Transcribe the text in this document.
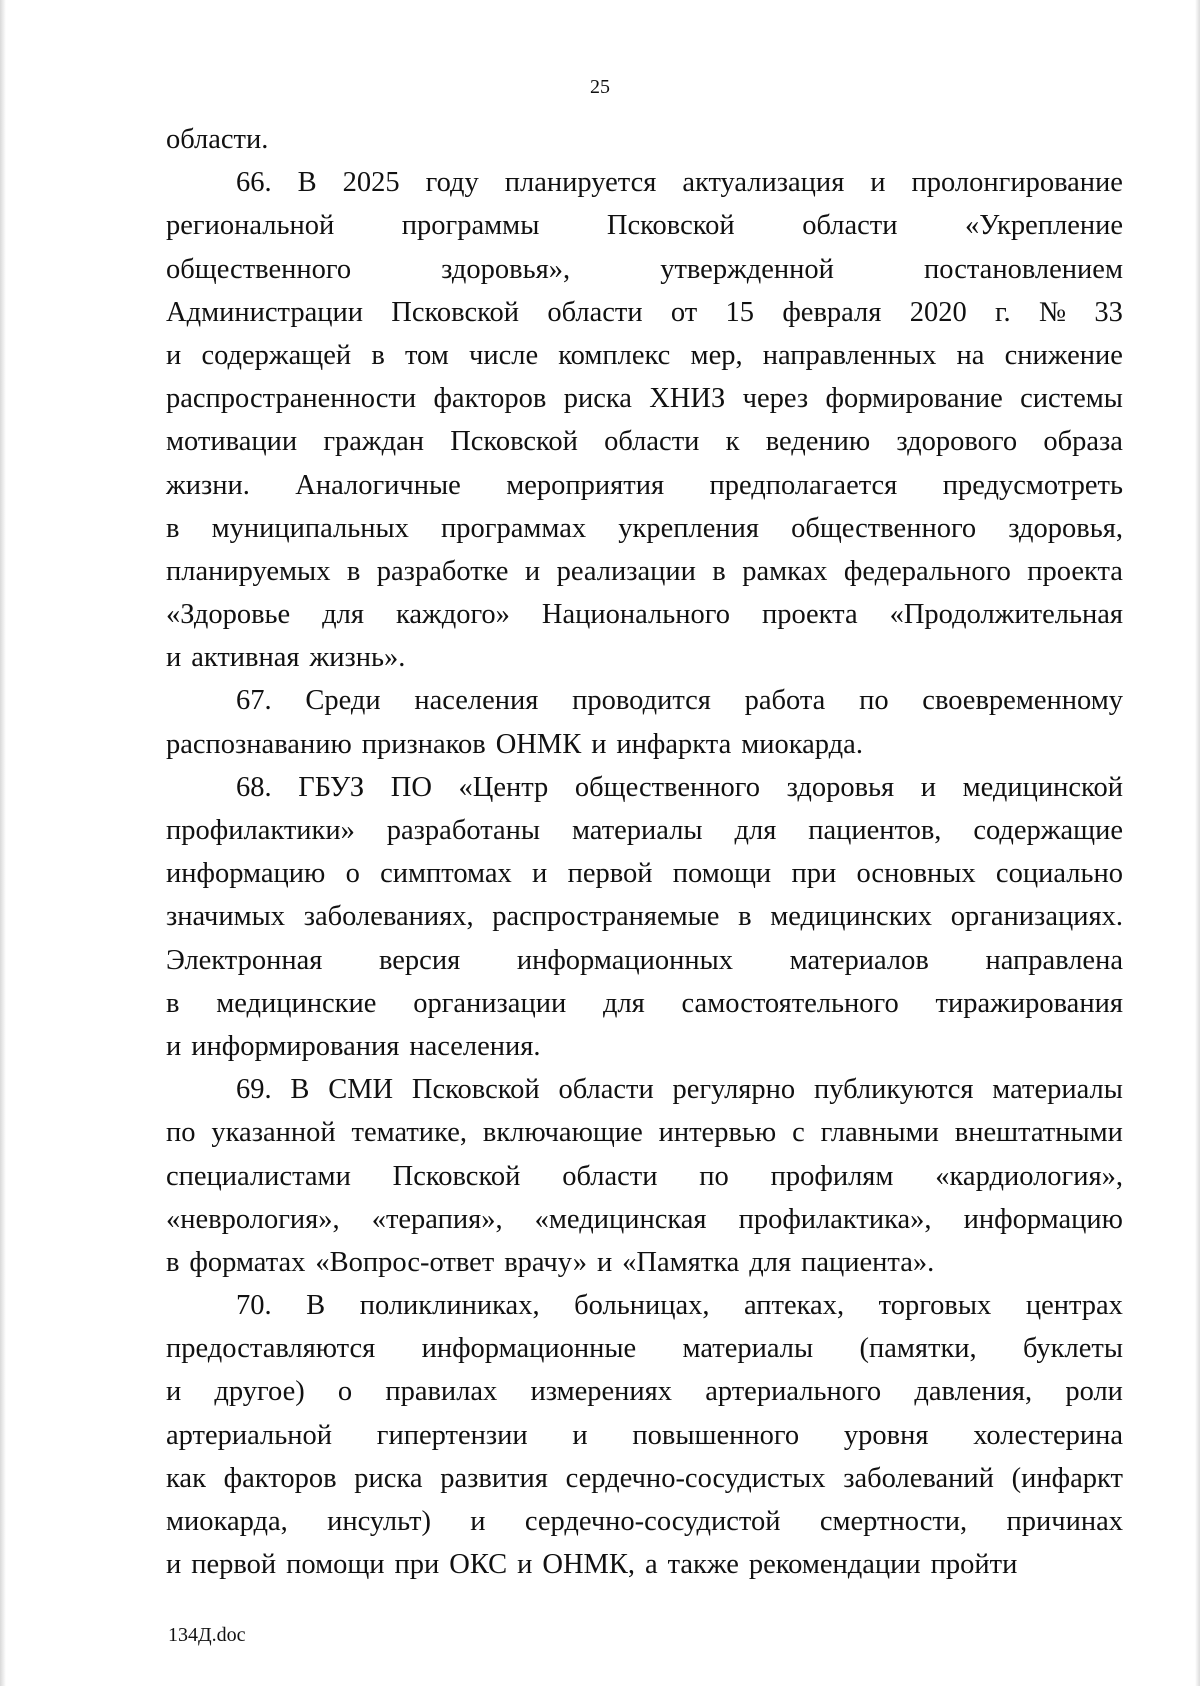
25
области.
66. В 2025 году планируется актуализация и пролонгирование
региональной программы Псковской области «Укрепление
общественного	здоровья»,	утвержденной	постановлением
Администрации Псковской области от 15 февраля 2020 г. № 33
и содержащей в том числе комплекс мер, направленных на снижение
распространенности факторов риска ХНИЗ через формирование системы
мотивации граждан Псковской области к ведению здорового образа
жизни. Аналогичные мероприятия предполагается предусмотреть
в муниципальных программах укрепления общественного здоровья,
планируемых в разработке и реализации в рамках федерального проекта
«Здоровье для каждого» Национального проекта «Продолжительная
и активная жизнь».
67. Среди населения проводится работа по своевременному
распознаванию признаков ОНМК и инфаркта миокарда.
68. ГБУЗ ПО «Центр общественного здоровья и медицинской
профилактики» разработаны материалы для пациентов, содержащие
информацию о симптомах и первой помощи при основных социально
значимых заболеваниях, распространяемые в медицинских организациях.
Электронная версия информационных материалов направлена
в медицинские организации для самостоятельного тиражирования
и информирования населения.
69. В СМИ Псковской области регулярно публикуются материалы
по указанной тематике, включающие интервью с главными внештатными
специалистами Псковской области по профилям «кардиология»,
«неврология», «терапия», «медицинская профилактика», информацию
в форматах «Вопрос-ответ врачу» и «Памятка для пациента».
70. В поликлиниках, больницах, аптеках, торговых центрах
предоставляются информационные материалы (памятки, буклеты
и другое) о правилах измерениях артериального давления, роли
артериальной гипертензии и повышенного уровня холестерина
как факторов риска развития сердечно-сосудистых заболеваний (инфаркт
миокарда, инсульт) и сердечно-сосудистой смертности, причинах
и первой помощи при ОКС и ОНМК, а также рекомендации пройти
134Д.doc
